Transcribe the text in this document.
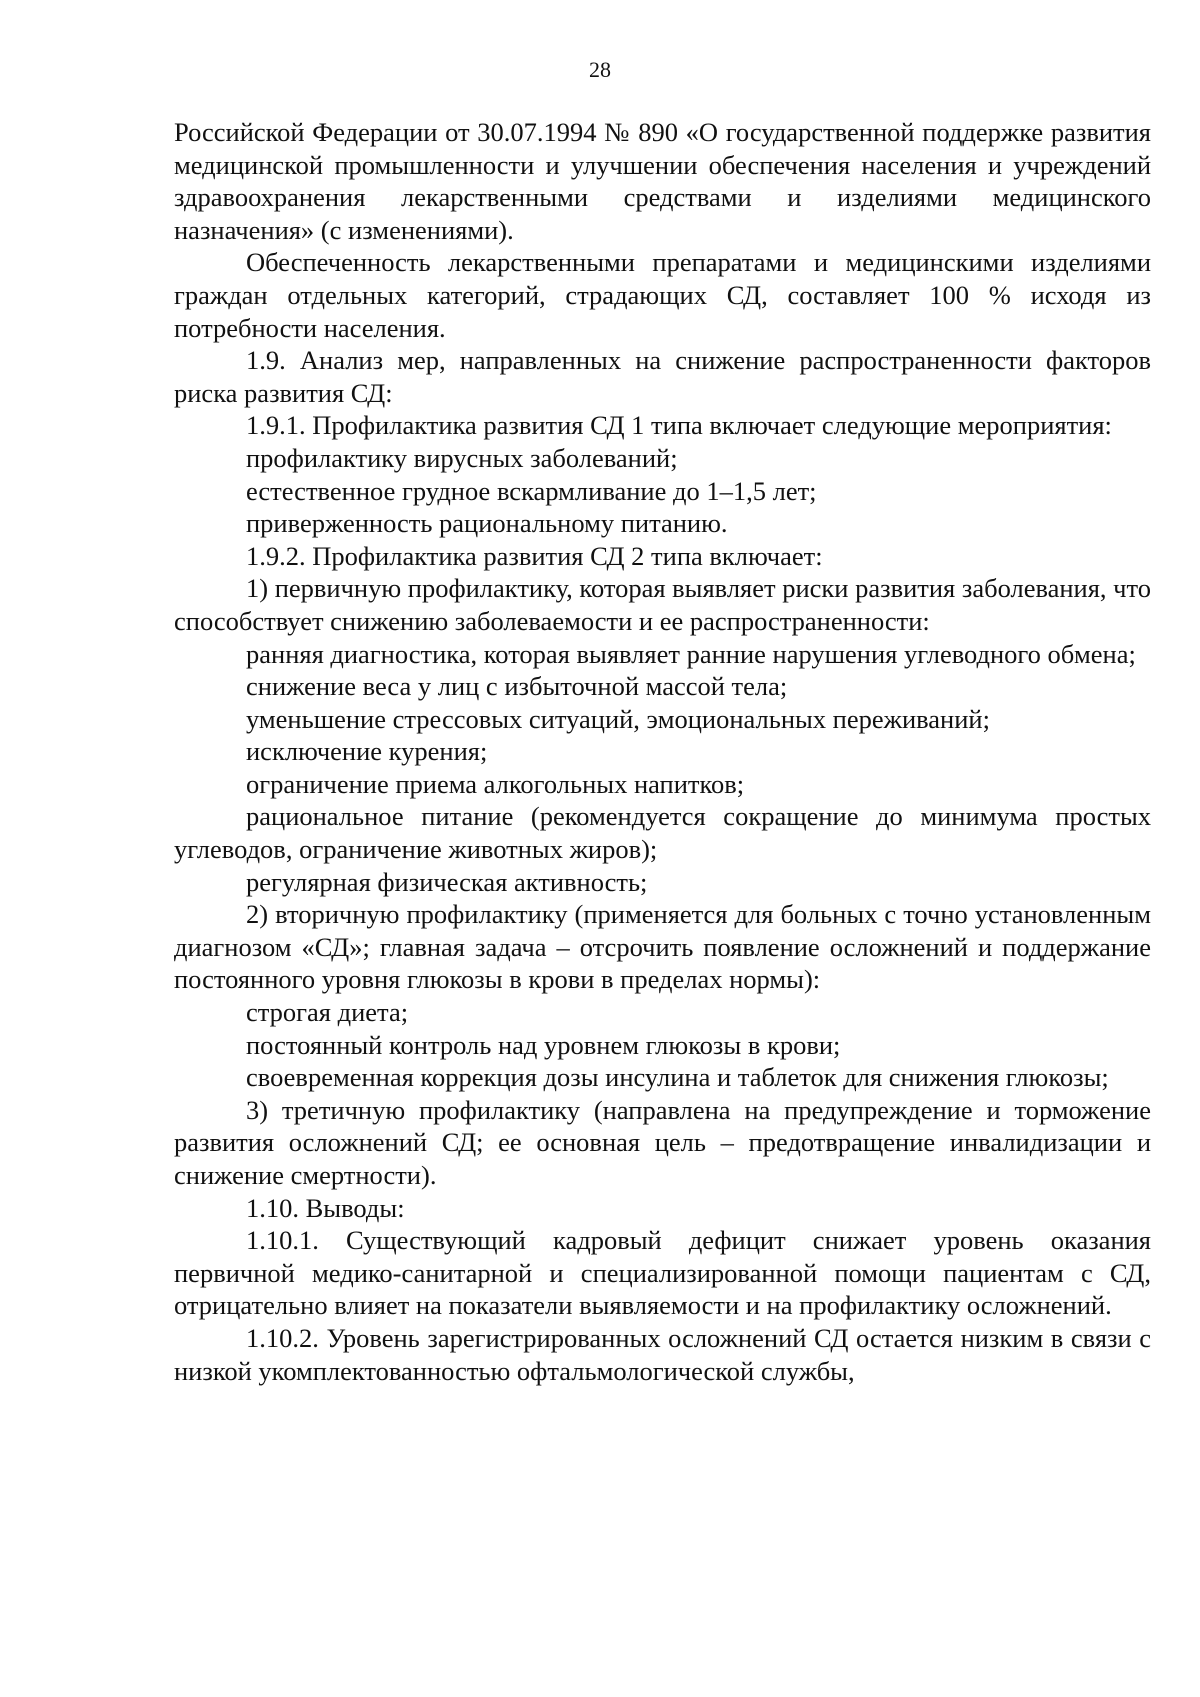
28

Российской Федерации от 30.07.1994 № 890 «О государственной поддержке развития медицинской промышленности и улучшении обеспечения населения и учреждений здравоохранения лекарственными средствами и изделиями медицинского назначения» (с изменениями).

Обеспеченность лекарственными препаратами и медицинскими изделиями граждан отдельных категорий, страдающих СД, составляет 100 % исходя из потребности населения.

1.9. Анализ мер, направленных на снижение распространенности факторов риска развития СД:

1.9.1. Профилактика развития СД 1 типа включает следующие мероприятия:

профилактику вирусных заболеваний;

естественное грудное вскармливание до 1–1,5 лет;

приверженность рациональному питанию.

1.9.2. Профилактика развития СД 2 типа включает:

1) первичную профилактику, которая выявляет риски развития заболевания, что способствует снижению заболеваемости и ее распространенности:

ранняя диагностика, которая выявляет ранние нарушения углеводного обмена;

снижение веса у лиц с избыточной массой тела;

уменьшение стрессовых ситуаций, эмоциональных переживаний;

исключение курения;

ограничение приема алкогольных напитков;

рациональное питание (рекомендуется сокращение до минимума простых углеводов, ограничение животных жиров);

регулярная физическая активность;

2) вторичную профилактику (применяется для больных с точно установленным диагнозом «СД»; главная задача – отсрочить появление осложнений и поддержание постоянного уровня глюкозы в крови в пределах нормы):

строгая диета;

постоянный контроль над уровнем глюкозы в крови;

своевременная коррекция дозы инсулина и таблеток для снижения глюкозы;

3) третичную профилактику (направлена на предупреждение и торможение развития осложнений СД; ее основная цель – предотвращение инвалидизации и снижение смертности).

1.10. Выводы:

1.10.1. Существующий кадровый дефицит снижает уровень оказания первичной медико-санитарной и специализированной помощи пациентам с СД, отрицательно влияет на показатели выявляемости и на профилактику осложнений.

1.10.2. Уровень зарегистрированных осложнений СД остается низким в связи с низкой укомплектованностью офтальмологической службы,
